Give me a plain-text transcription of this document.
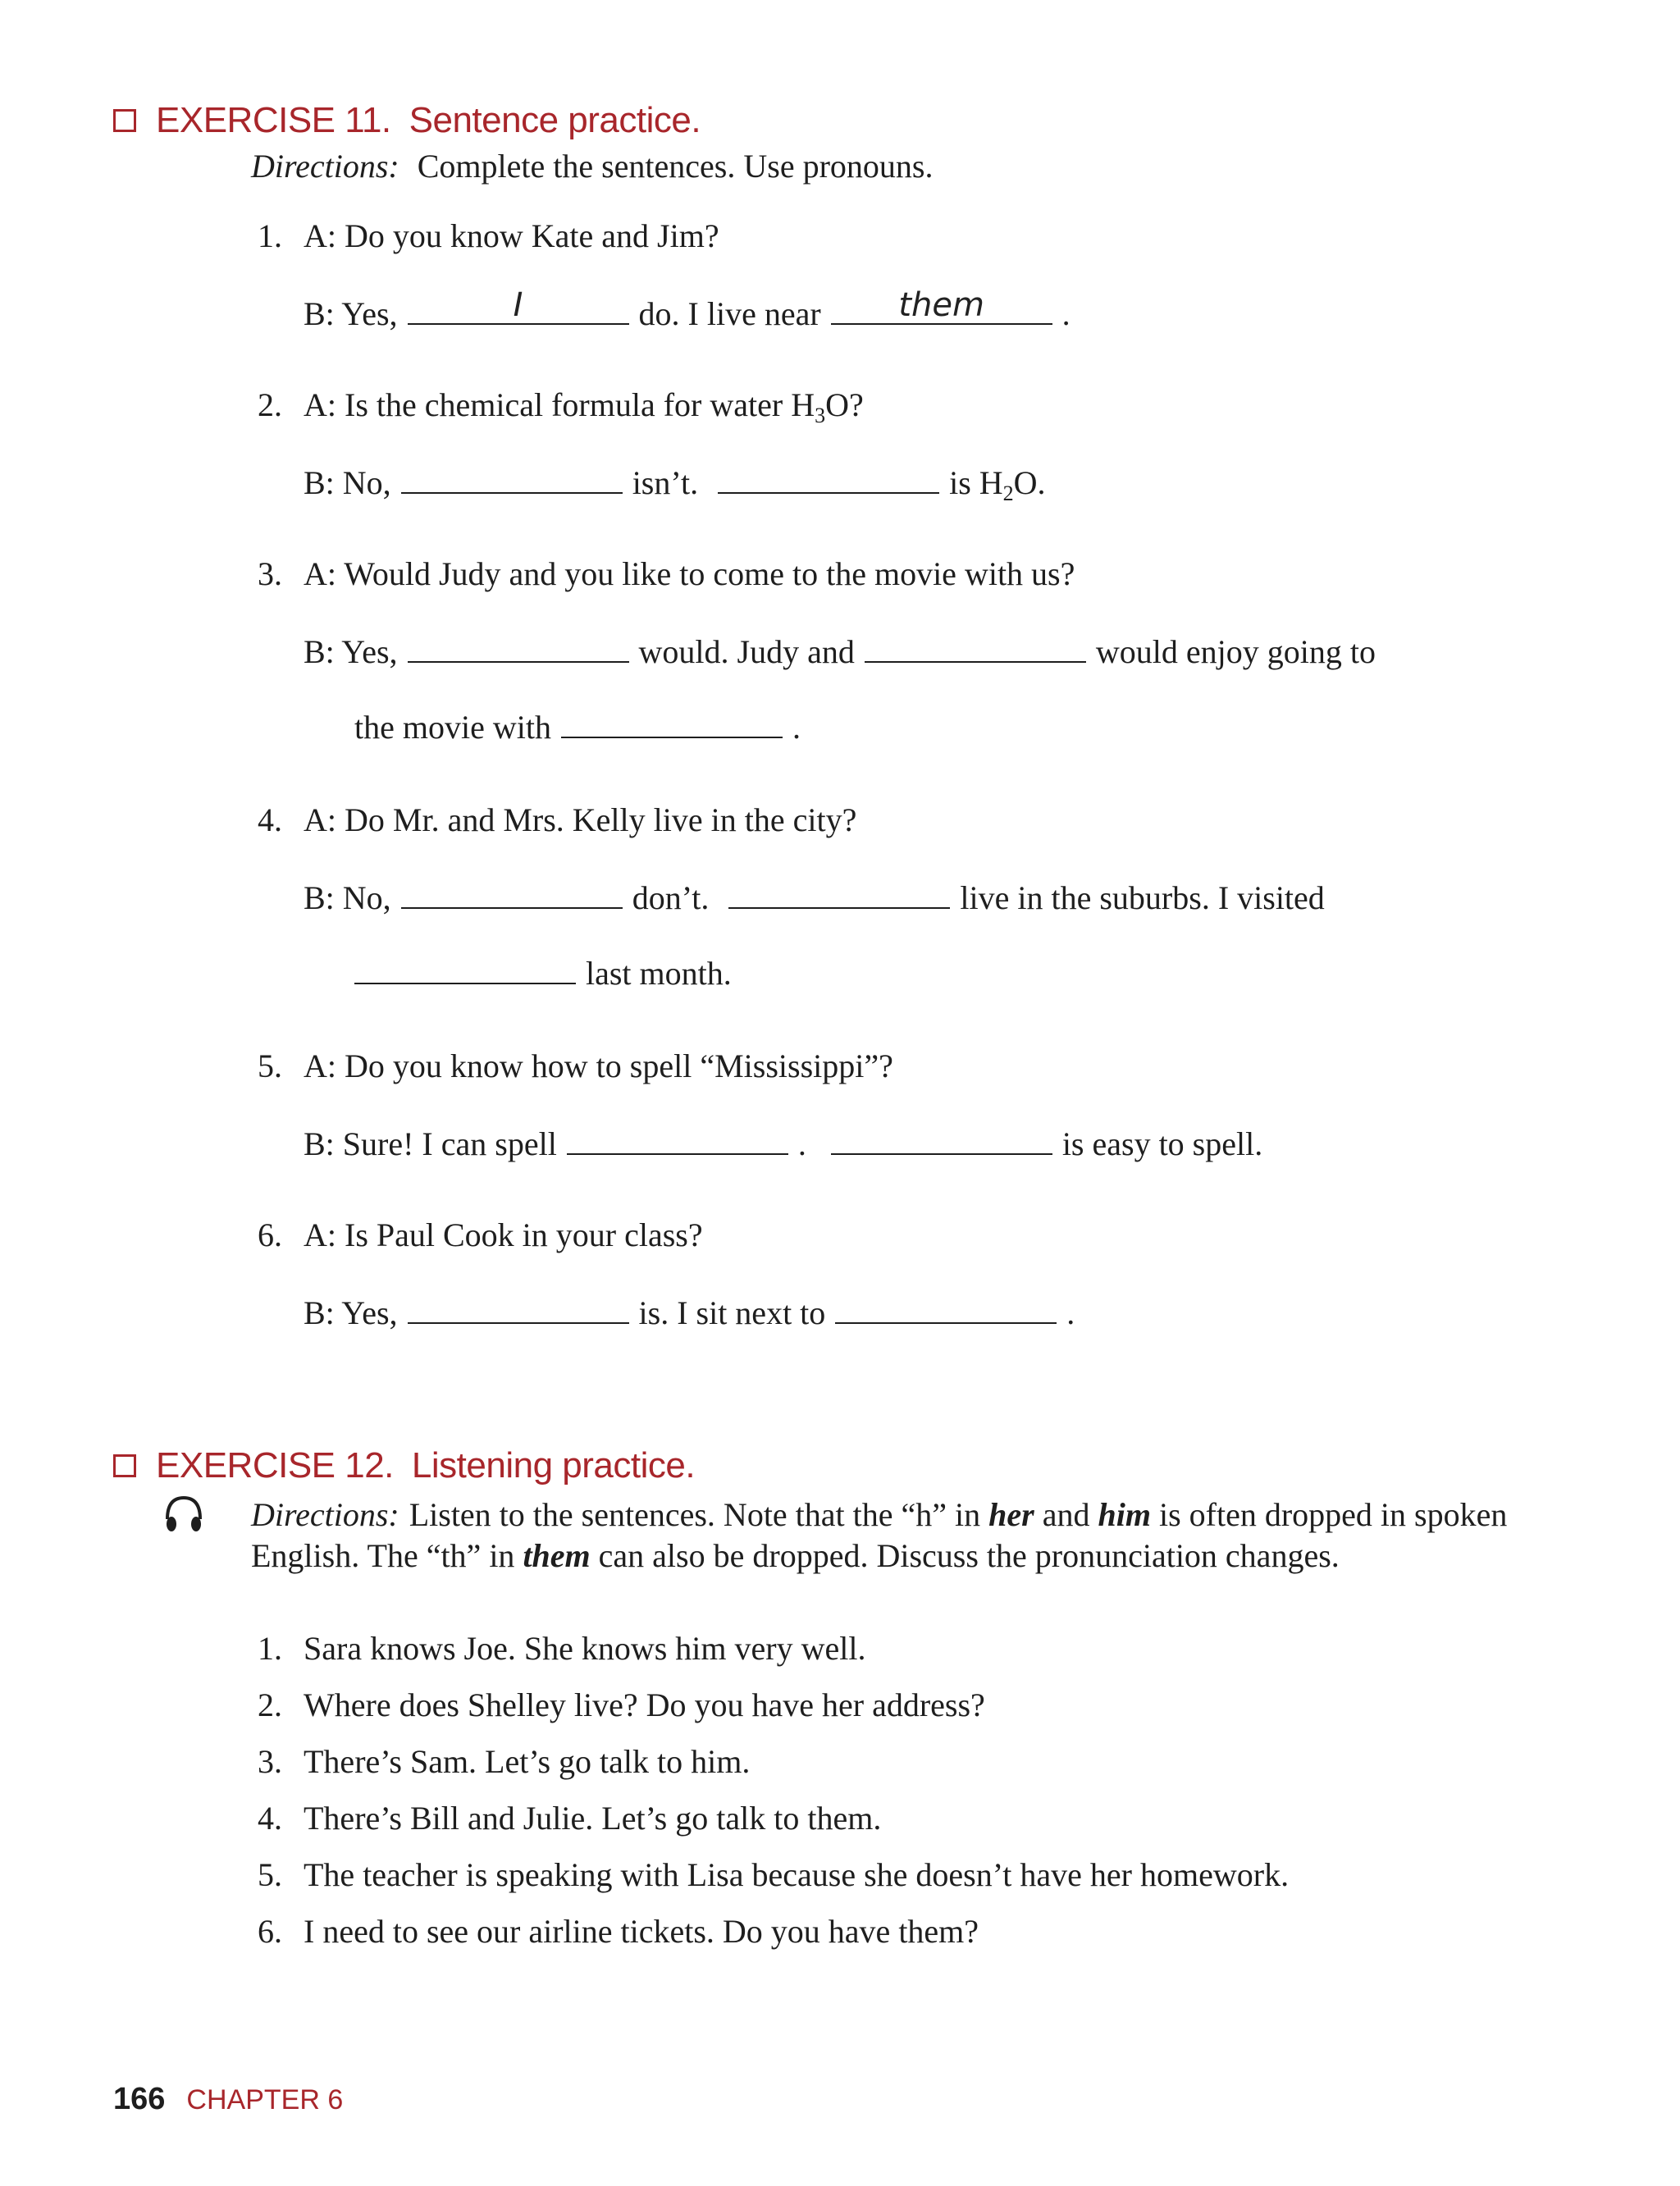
EXERCISE 11. Sentence practice.
Directions: Complete the sentences. Use pronouns.
1. A: Do you know Kate and Jim?
B: Yes,	I	do. I live near	them	.
2. A: Is the chemical formula for water $H_3O$?
B: No,	isn’t.	is $H_2O$.
3. A: Would Judy and you like to come to the movie with us?
B: Yes,	would. Judy and	would enjoy going to
the movie with	.
4. A: Do Mr. and Mrs. Kelly live in the city?
B: No,	don’t.	live in the suburbs. I visited
last month.
5. A: Do you know how to spell “Mississippi”?
B: Sure! I can spell	.	is easy to spell.
6. A: Is Paul Cook in your class?
B: Yes,	is. I sit next to	.
EXERCISE 12. Listening practice.
Directions: Listen to the sentences. Note that the “h” in her and him is often dropped in spoken English. The “th” in them can also be dropped. Discuss the pronunciation changes.
1. Sara knows Joe. She knows him very well.
2. Where does Shelley live? Do you have her address?
3. There’s Sam. Let’s go talk to him.
4. There’s Bill and Julie. Let’s go talk to them.
5. The teacher is speaking with Lisa because she doesn’t have her homework.
6. I need to see our airline tickets. Do you have them?
166 CHAPTER 6
